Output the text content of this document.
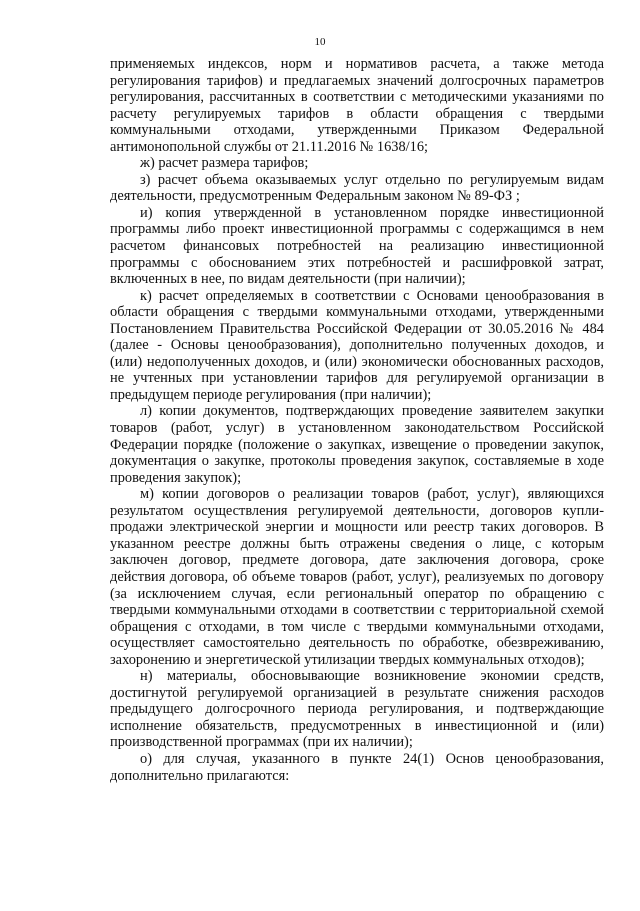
10

применяемых индексов, норм и нормативов расчета, а также метода регулирования тарифов) и предлагаемых значений долгосрочных параметров регулирования, рассчитанных в соответствии с методическими указаниями по расчету регулируемых тарифов в области обращения с твердыми коммунальными отходами, утвержденными Приказом Федеральной антимонопольной службы от 21.11.2016 № 1638/16;

ж) расчет размера тарифов;

з) расчет объема оказываемых услуг отдельно по регулируемым видам деятельности, предусмотренным Федеральным законом № 89-ФЗ ;

и) копия утвержденной в установленном порядке инвестиционной программы либо проект инвестиционной программы с содержащимся в нем расчетом финансовых потребностей на реализацию инвестиционной программы с обоснованием этих потребностей и расшифровкой затрат, включенных в нее, по видам деятельности (при наличии);

к) расчет определяемых в соответствии с Основами ценообразования в области обращения с твердыми коммунальными отходами, утвержденными Постановлением Правительства Российской Федерации от 30.05.2016 № 484 (далее - Основы ценообразования), дополнительно полученных доходов, и (или) недополученных доходов, и (или) экономически обоснованных расходов, не учтенных при установлении тарифов для регулируемой организации в предыдущем периоде регулирования (при наличии);

л) копии документов, подтверждающих проведение заявителем закупки товаров (работ, услуг) в установленном законодательством Российской Федерации порядке (положение о закупках, извещение о проведении закупок, документация о закупке, протоколы проведения закупок, составляемые в ходе проведения закупок);

м) копии договоров о реализации товаров (работ, услуг), являющихся результатом осуществления регулируемой деятельности, договоров купли-продажи электрической энергии и мощности или реестр таких договоров. В указанном реестре должны быть отражены сведения о лице, с которым заключен договор, предмете договора, дате заключения договора, сроке действия договора, об объеме товаров (работ, услуг), реализуемых по договору (за исключением случая, если региональный оператор по обращению с твердыми коммунальными отходами в соответствии с территориальной схемой обращения с отходами, в том числе с твердыми коммунальными отходами, осуществляет самостоятельно деятельность по обработке, обезвреживанию, захоронению и энергетической утилизации твердых коммунальных отходов);

н) материалы, обосновывающие возникновение экономии средств, достигнутой регулируемой организацией в результате снижения расходов предыдущего долгосрочного периода регулирования, и подтверждающие исполнение обязательств, предусмотренных в инвестиционной и (или) производственной программах (при их наличии);

о) для случая, указанного в пункте 24(1) Основ ценообразования, дополнительно прилагаются:
